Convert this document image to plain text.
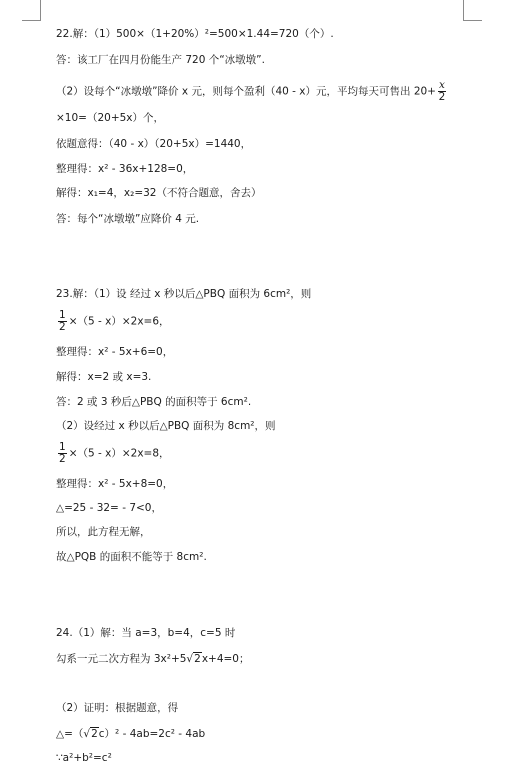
22.解：（1）500×（1+20%）²=500×1.44=720（个）.
答：该工厂在四月份能生产 720 个“冰墩墩”.
（2）设每个“冰墩墩”降价 x 元，则每个盈利（40 - x）元，平均每天可售出 $20+ \frac{x}{2}$
×10=（20+5x）个，
依题意得：（40 - x）（20+5x）=1440，
整理得：x² - 36x+128=0，
解得：x₁=4，x₂=32（不符合题意，舍去）
答：每个“冰墩墩”应降价 4 元.
23.解：（1）设 经过 x 秒以后△PBQ 面积为 6cm²，则
$\frac{1}{2} \times(5 - x)\times 2x=6$，
整理得：x² - 5x+6=0，
解得：x=2 或 x=3.
答：2 或 3 秒后△PBQ 的面积等于 6cm².
（2）设经过 x 秒以后△PBQ 面积为 8cm²，则
$\frac{1}{2} \times(5 - x)\times 2x=8$，
整理得：x² - 5x+8=0，
△=25 - 32= - 7<0，
所以，此方程无解，
故△PQB 的面积不能等于 8cm².
24.（1）解：当 a=3，b=4，c=5 时
勾系一元二次方程为 3x²+5√2x+4=0；
（2）证明：根据题意，得
△=（√2c）² - 4ab=2c² - 4ab
∵a²+b²=c²
